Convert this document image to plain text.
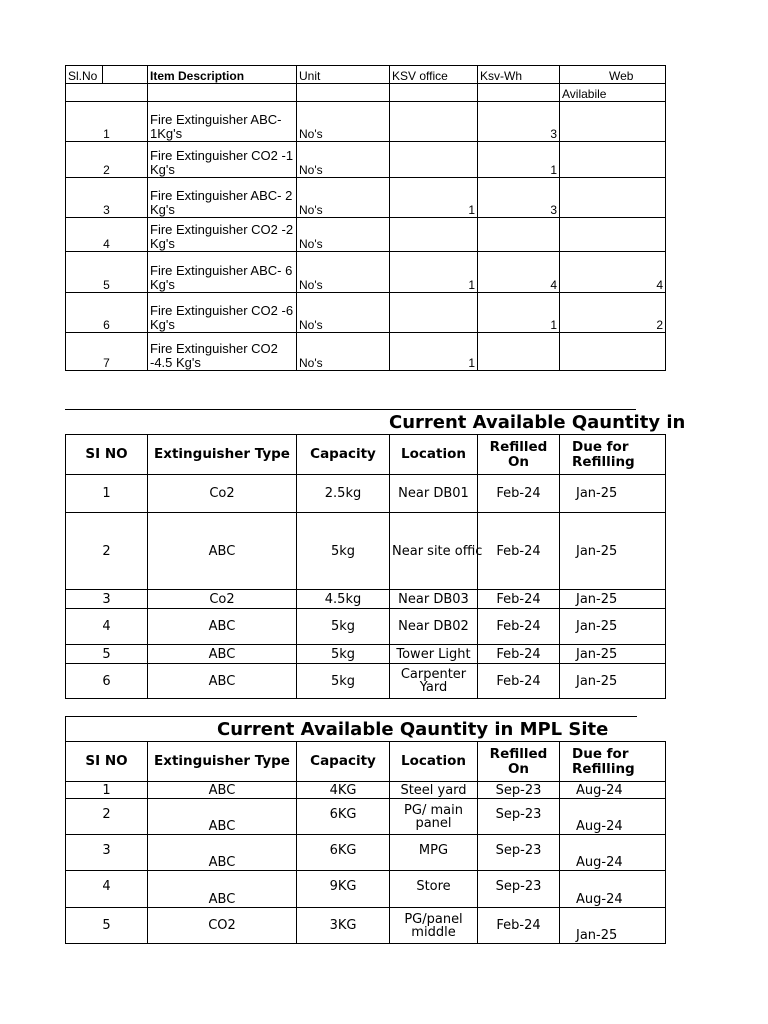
Sl.No		Item Description	Unit	KSV office	Ksv-Wh	Web
						Avilabile
1		Fire Extinguisher ABC-1Kg's	No's		3	
2		Fire Extinguisher CO2 -1 Kg's	No's		1	
3		Fire Extinguisher ABC- 2 Kg's	No's	1	3	
4		Fire Extinguisher CO2 -2 Kg's	No's			
5		Fire Extinguisher ABC- 6 Kg's	No's	1	4	4
6		Fire Extinguisher CO2 -6 Kg's	No's		1	2
7		Fire Extinguisher CO2 -4.5 Kg's	No's	1		
Current Available Qauntity in
SI NO	Extinguisher Type	Capacity	Location	Refilled On	Due for Refilling
1	Co2	2.5kg	Near DB01	Feb-24	Jan-25
2	ABC	5kg	Near site offic	Feb-24	Jan-25
3	Co2	4.5kg	Near DB03	Feb-24	Jan-25
4	ABC	5kg	Near DB02	Feb-24	Jan-25
5	ABC	5kg	Tower Light	Feb-24	Jan-25
6	ABC	5kg	Carpenter Yard	Feb-24	Jan-25
Current Available Qauntity in MPL Site
SI NO	Extinguisher Type	Capacity	Location	Refilled On	Due for Refilling
1	ABC	4KG	Steel yard	Sep-23	Aug-24
2	ABC	6KG	PG/ main panel	Sep-23	Aug-24
3	ABC	6KG	MPG	Sep-23	Aug-24
4	ABC	9KG	Store	Sep-23	Aug-24
5	CO2	3KG	PG/panel middle	Feb-24	Jan-25
